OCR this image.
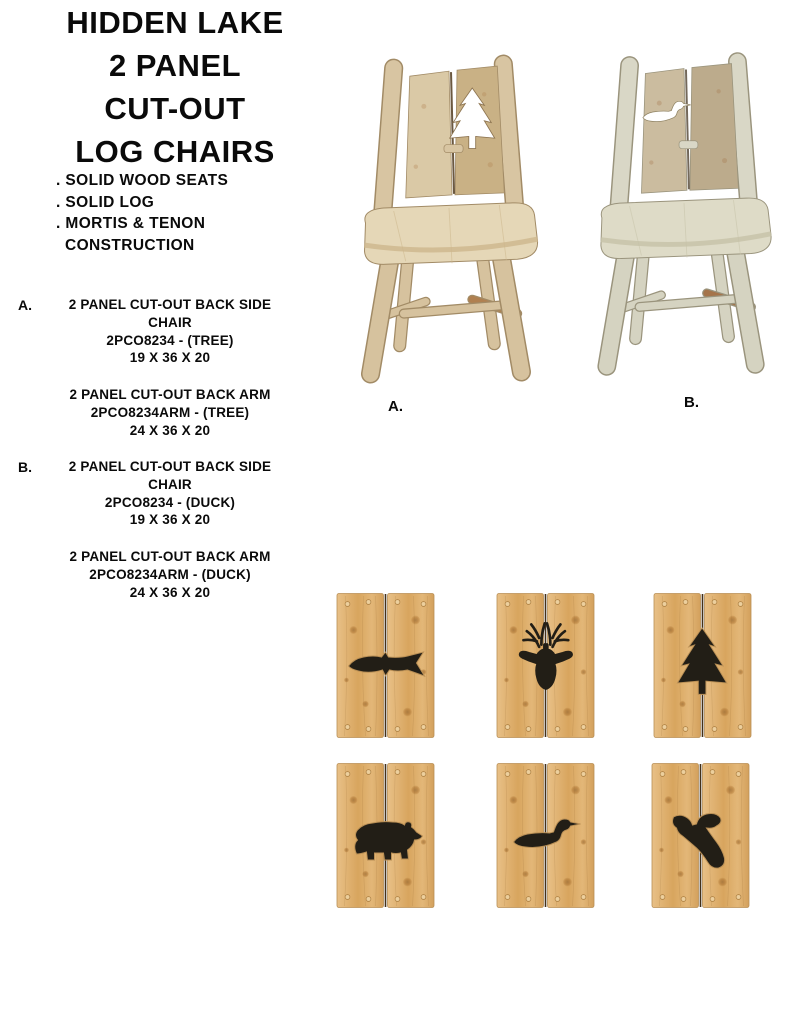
HIDDEN LAKE
2 PANEL
CUT-OUT
LOG CHAIRS
. SOLID WOOD SEATS
. SOLID LOG
. MORTIS & TENON
CONSTRUCTION
A.	2 PANEL CUT-OUT BACK SIDE
CHAIR
2PCO8234 - (TREE)
19 X 36 X 20
2 PANEL CUT-OUT BACK ARM
2PCO8234ARM - (TREE)
24 X 36 X 20
B.	2 PANEL CUT-OUT BACK SIDE
CHAIR
2PCO8234 - (DUCK)
19 X 36 X 20
2 PANEL CUT-OUT BACK ARM
2PCO8234ARM - (DUCK)
24 X 36 X 20
A.	B.
